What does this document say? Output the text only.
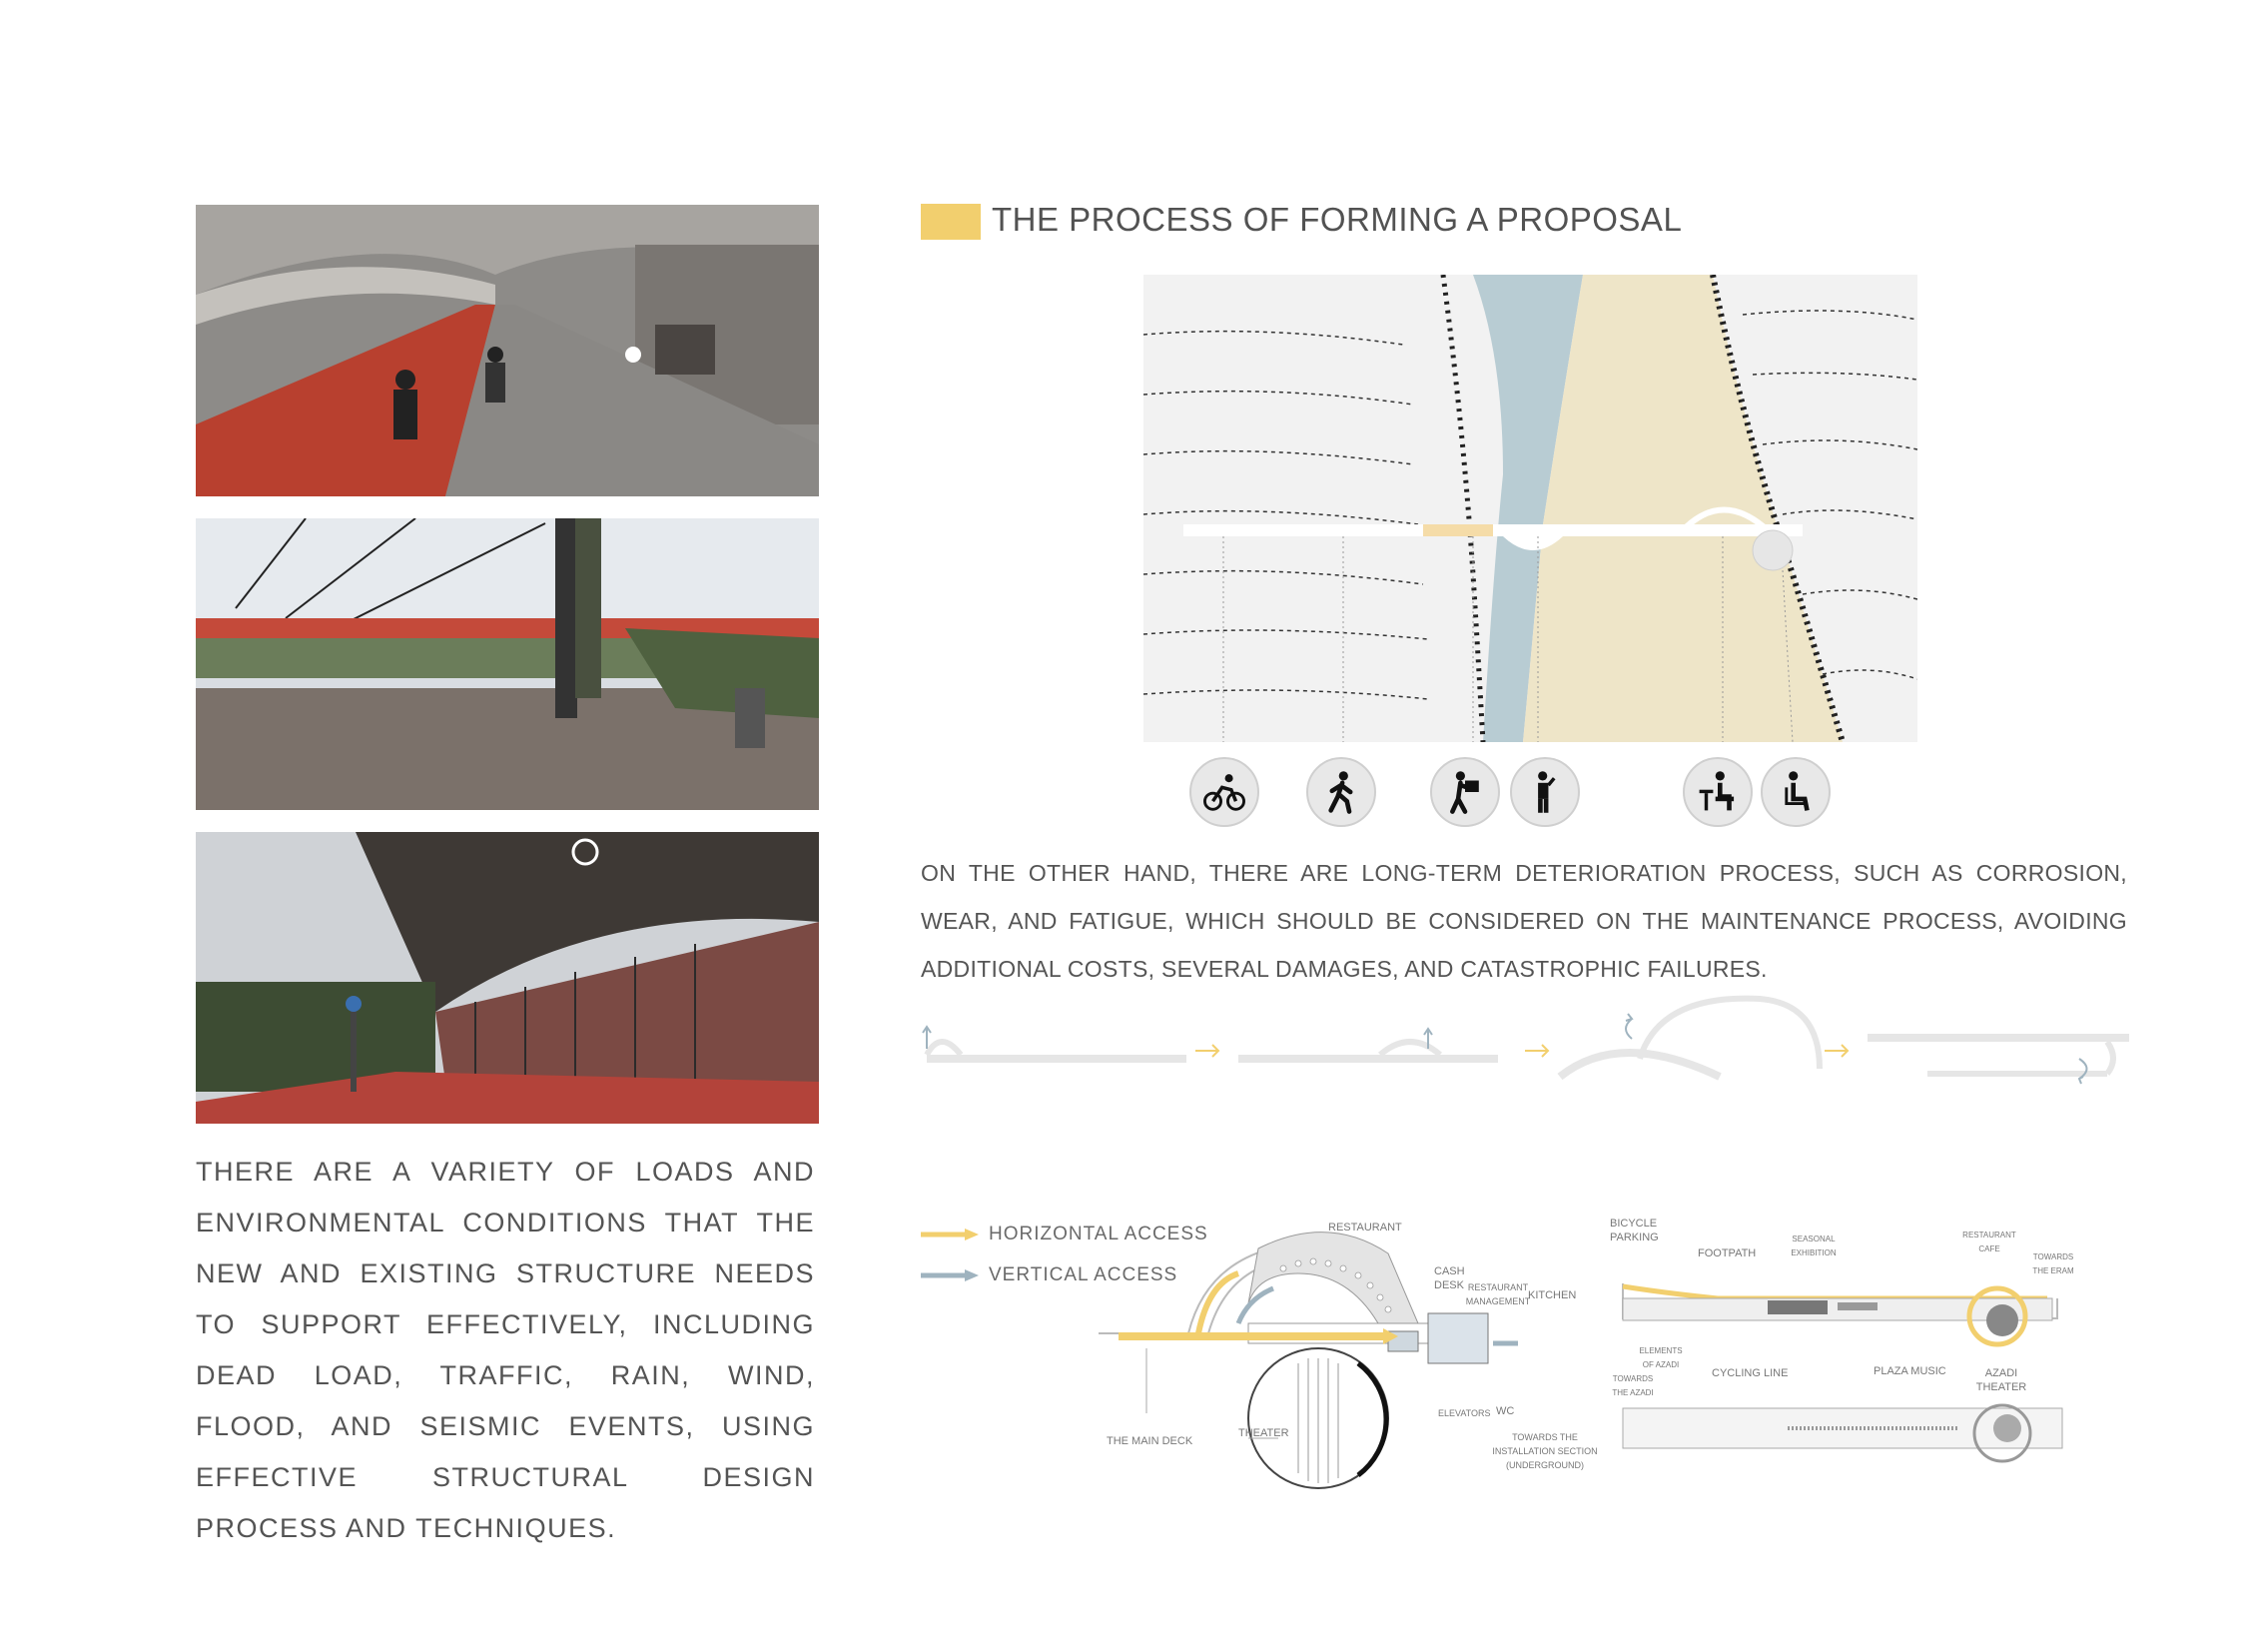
THERE ARE A VARIETY OF LOADS AND ENVIRONMENTAL CONDITIONS THAT THE NEW AND EXISTING STRUCTURE NEEDS TO SUPPORT EFFECTIVELY, INCLUDING DEAD LOAD, TRAFFIC, RAIN, WIND, FLOOD, AND SEISMIC EVENTS, USING EFFECTIVE STRUCTURAL DESIGN PROCESS AND TECHNIQUES.
THE PROCESS OF FORMING A PROPOSAL
ON THE OTHER HAND, THERE ARE LONG-TERM DETERIORATION PROCESS, SUCH AS CORROSION, WEAR, AND FATIGUE, WHICH SHOULD BE CONSIDERED ON THE MAINTENANCE PROCESS, AVOIDING ADDITIONAL COSTS, SEVERAL DAMAGES, AND CATASTROPHIC FAILURES.
HORIZONTAL ACCESS
VERTICAL ACCESS
RESTAURANT
CASH DESK RESTAURANT MANAGEMENT
KITCHEN
ELEVATORS WC
THE MAIN DECK
THEATER	TOWARDS THE INSTALLATION SECTION (UNDERGROUND)
BICYCLE PARKING
FOOTPATH
SEASONAL EXHIBITION
RESTAURANT CAFE
TOWARDS THE ERAM
ELEMENTS OF AZADI
TOWARDS THE AZADI
CYCLING LINE	PLAZA MUSIC	AZADI THEATER
